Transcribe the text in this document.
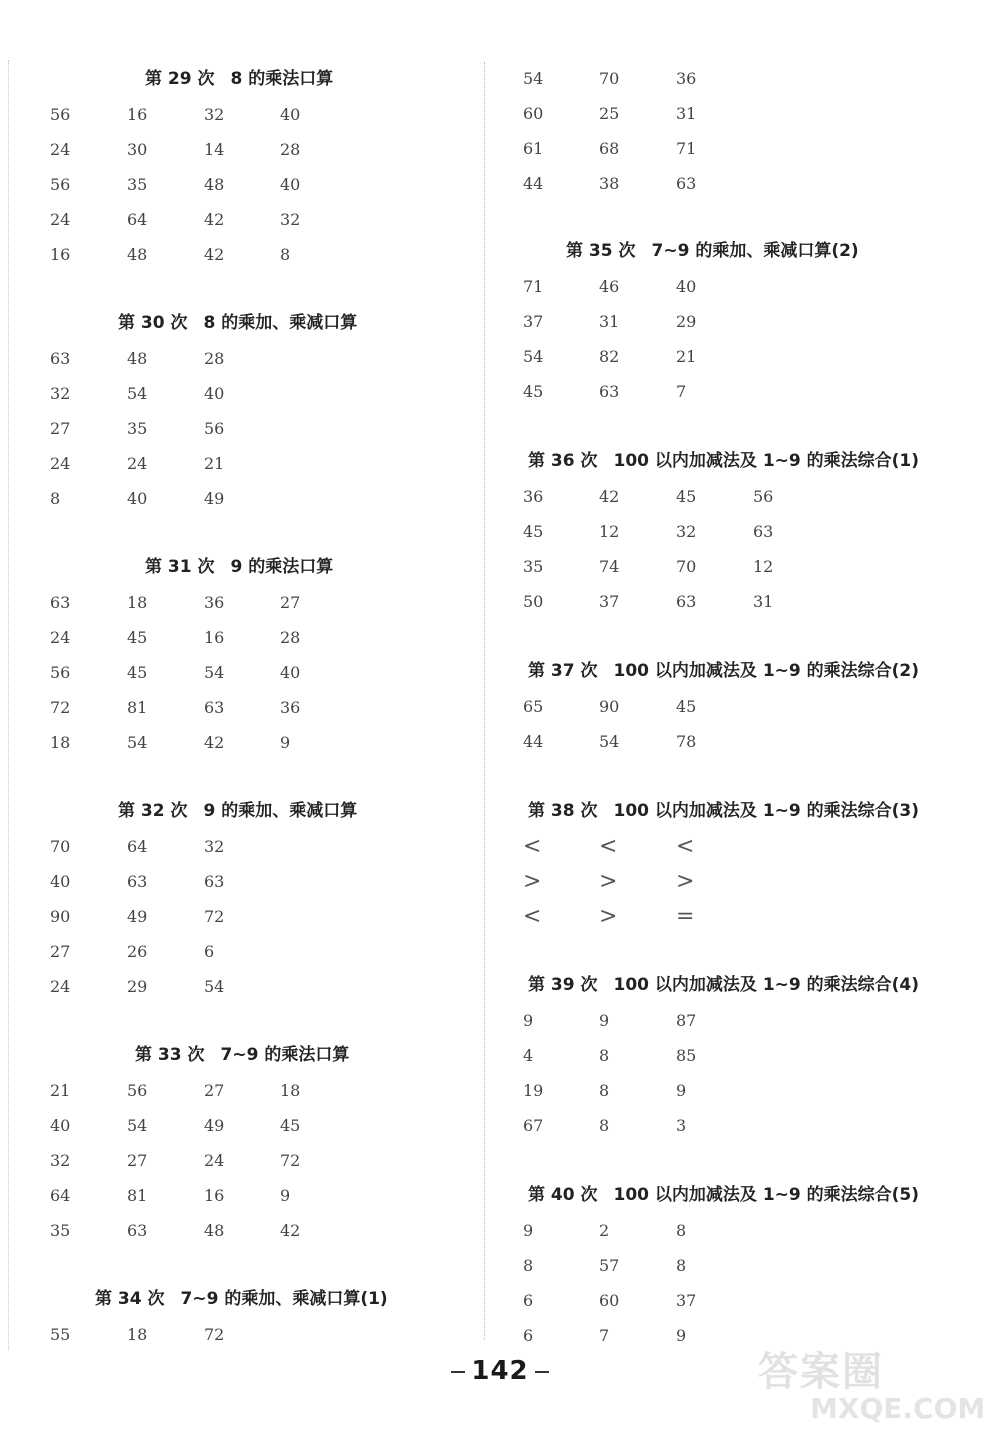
第 29 次 8 的乘法口算
56	16	32	40
24	30	14	28
56	35	48	40
24	64	42	32
16	48	42	8
第 30 次 8 的乘加、乘减口算
63	48	28
32	54	40
27	35	56
24	24	21
8	40	49
第 31 次 9 的乘法口算
63	18	36	27
24	45	16	28
56	45	54	40
72	81	63	36
18	54	42	9
第 32 次 9 的乘加、乘减口算
70	64	32
40	63	63
90	49	72
27	26	6
24	29	54
第 33 次 7~9 的乘法口算
21	56	27	18
40	54	49	45
32	27	24	72
64	81	16	9
35	63	48	42
第 34 次 7~9 的乘加、乘减口算(1)
55	18	72
54	70	36
60	25	31
61	68	71
44	38	63
第 35 次 7~9 的乘加、乘减口算(2)
71	46	40
37	31	29
54	82	21
45	63	7
第 36 次 100 以内加减法及 1~9 的乘法综合(1)
36	42	45	56
45	12	32	63
35	74	70	12
50	37	63	31
第 37 次 100 以内加减法及 1~9 的乘法综合(2)
65	90	45
44	54	78
第 38 次 100 以内加减法及 1~9 的乘法综合(3)
<	<	<
>	>	>
<	>	=
第 39 次 100 以内加减法及 1~9 的乘法综合(4)
9	9	87
4	8	85
19	8	9
67	8	3
第 40 次 100 以内加减法及 1~9 的乘法综合(5)
9	2	8
8	57	8
6	60	37
6	7	9
142	答案圈
MXQE.COM
